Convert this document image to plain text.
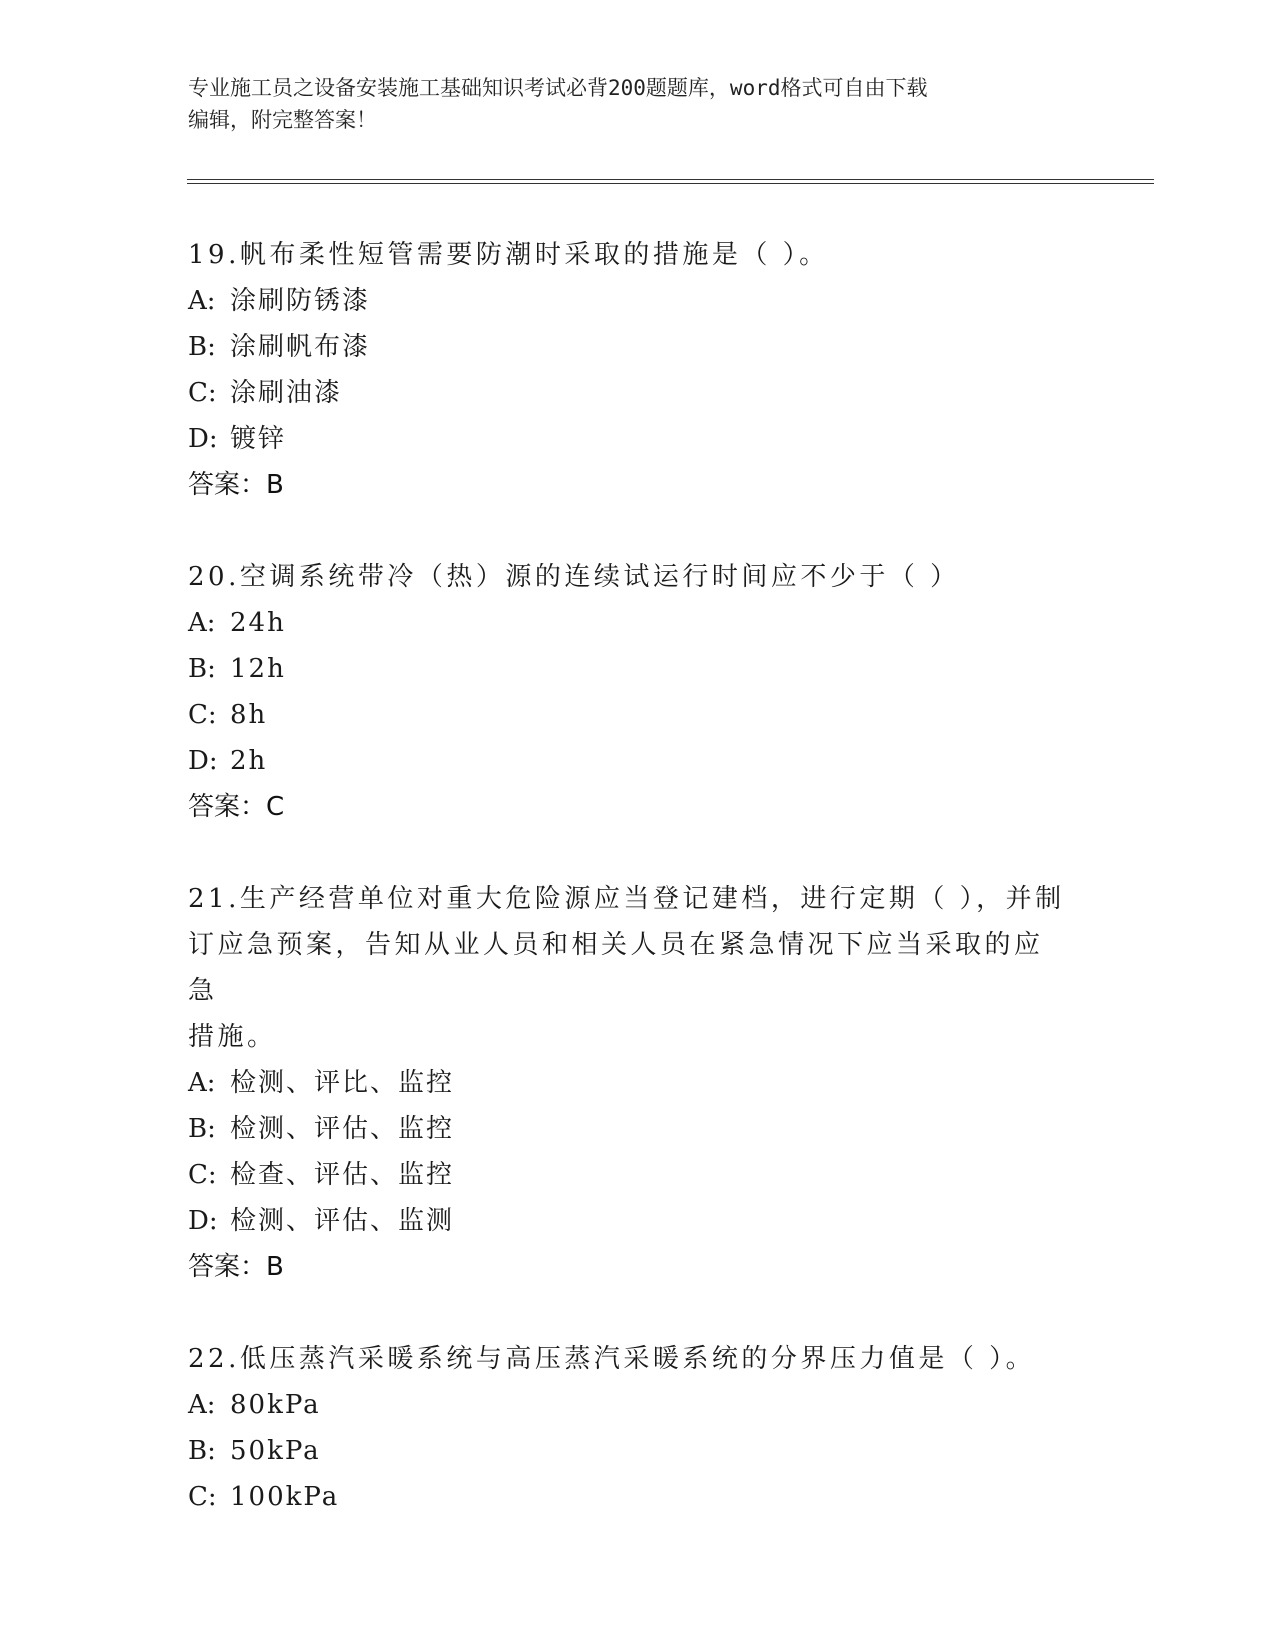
专业施工员之设备安装施工基础知识考试必背200题题库，word格式可自由下载
编辑，附完整答案！
19.帆布柔性短管需要防潮时采取的措施是（ ）。
A: 涂刷防锈漆
B: 涂刷帆布漆
C: 涂刷油漆
D: 镀锌
答案：B
20.空调系统带冷（热）源的连续试运行时间应不少于（ ）
A: 24h
B: 12h
C: 8h
D: 2h
答案：C
21.生产经营单位对重大危险源应当登记建档，进行定期（ ），并制
订应急预案，告知从业人员和相关人员在紧急情况下应当采取的应急
措施。
A: 检测、评比、监控
B: 检测、评估、监控
C: 检查、评估、监控
D: 检测、评估、监测
答案：B
22.低压蒸汽采暖系统与高压蒸汽采暖系统的分界压力值是（ ）。
A: 80kPa
B: 50kPa
C: 100kPa
